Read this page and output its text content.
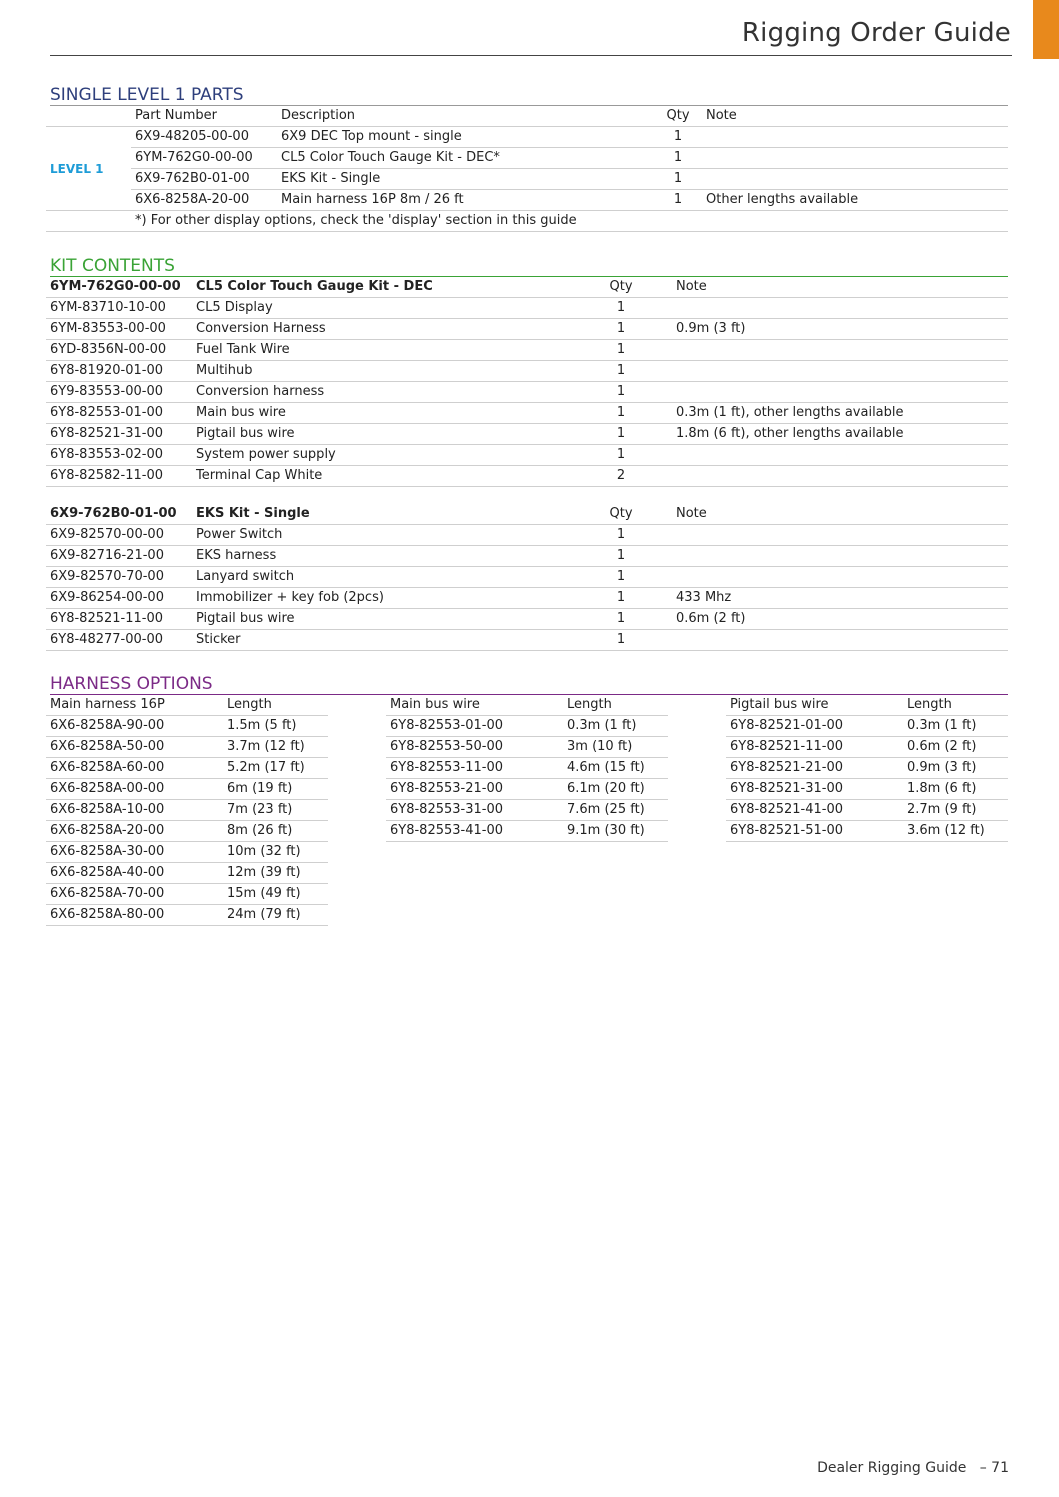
Rigging Order Guide
SINGLE LEVEL 1 PARTS
	Part Number	Description	Qty	Note
LEVEL 1	6X9-48205-00-00	6X9 DEC Top mount - single	1	
	6YM-762G0-00-00	CL5 Color Touch Gauge Kit - DEC*	1	
	6X9-762B0-01-00	EKS Kit - Single	1	
	6X6-8258A-20-00	Main harness 16P 8m / 26 ft	1	Other lengths available
	*) For other display options, check the 'display' section in this guide			
KIT CONTENTS
6YM-762G0-00-00	CL5 Color Touch Gauge Kit - DEC	Qty	Note
6YM-83710-10-00	CL5 Display	1	
6YM-83553-00-00	Conversion Harness	1	0.9m (3 ft)
6YD-8356N-00-00	Fuel Tank Wire	1	
6Y8-81920-01-00	Multihub	1	
6Y9-83553-00-00	Conversion harness	1	
6Y8-82553-01-00	Main bus wire	1	0.3m (1 ft), other lengths available
6Y8-82521-31-00	Pigtail bus wire	1	1.8m (6 ft), other lengths available
6Y8-83553-02-00	System power supply	1	
6Y8-82582-11-00	Terminal Cap White	2	
6X9-762B0-01-00	EKS Kit - Single	Qty	Note
6X9-82570-00-00	Power Switch	1	
6X9-82716-21-00	EKS harness	1	
6X9-82570-70-00	Lanyard switch	1	
6X9-86254-00-00	Immobilizer + key fob (2pcs)	1	433 Mhz
6Y8-82521-11-00	Pigtail bus wire	1	0.6m (2 ft)
6Y8-48277-00-00	Sticker	1	
HARNESS OPTIONS
Main harness 16P	Length
6X6-8258A-90-00	1.5m (5 ft)
6X6-8258A-50-00	3.7m (12 ft)
6X6-8258A-60-00	5.2m (17 ft)
6X6-8258A-00-00	6m (19 ft)
6X6-8258A-10-00	7m (23 ft)
6X6-8258A-20-00	8m (26 ft)
6X6-8258A-30-00	10m (32 ft)
6X6-8258A-40-00	12m (39 ft)
6X6-8258A-70-00	15m (49 ft)
6X6-8258A-80-00	24m (79 ft)
Main bus wire	Length
6Y8-82553-01-00	0.3m (1 ft)
6Y8-82553-50-00	3m (10 ft)
6Y8-82553-11-00	4.6m (15 ft)
6Y8-82553-21-00	6.1m (20 ft)
6Y8-82553-31-00	7.6m (25 ft)
6Y8-82553-41-00	9.1m (30 ft)
Pigtail bus wire	Length
6Y8-82521-01-00	0.3m (1 ft)
6Y8-82521-11-00	0.6m (2 ft)
6Y8-82521-21-00	0.9m (3 ft)
6Y8-82521-31-00	1.8m (6 ft)
6Y8-82521-41-00	2.7m (9 ft)
6Y8-82521-51-00	3.6m (12 ft)
Dealer Rigging Guide – 71
